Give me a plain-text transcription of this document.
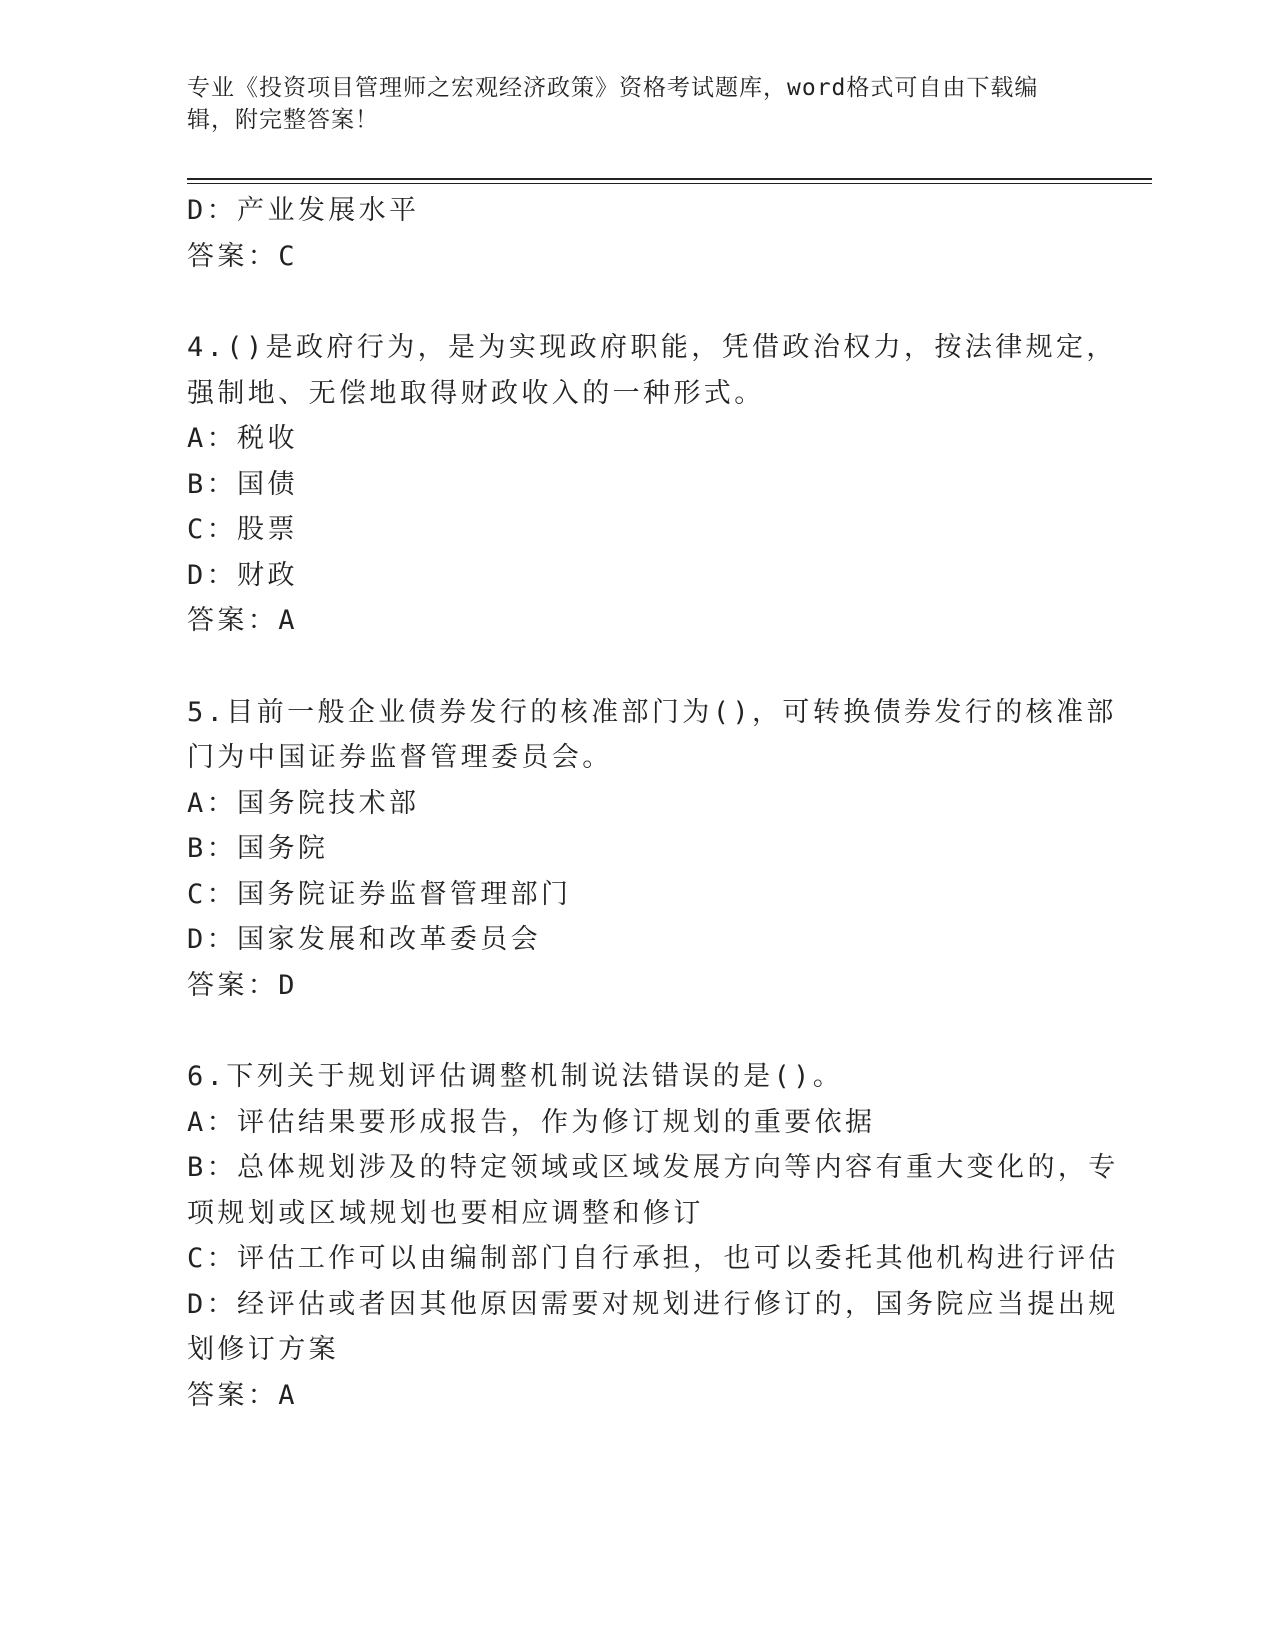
专业《投资项目管理师之宏观经济政策》资格考试题库，word格式可自由下载编
辑，附完整答案！
D：产业发展水平
答案：C
4.()是政府行为，是为实现政府职能，凭借政治权力，按法律规定，
强制地、无偿地取得财政收入的一种形式。
A：税收
B：国债
C：股票
D：财政
答案：A
5.目前一般企业债券发行的核准部门为()，可转换债券发行的核准部
门为中国证券监督管理委员会。
A：国务院技术部
B：国务院
C：国务院证券监督管理部门
D：国家发展和改革委员会
答案：D
6.下列关于规划评估调整机制说法错误的是()。
A：评估结果要形成报告，作为修订规划的重要依据
B：总体规划涉及的特定领域或区域发展方向等内容有重大变化的，专
项规划或区域规划也要相应调整和修订
C：评估工作可以由编制部门自行承担，也可以委托其他机构进行评估
D：经评估或者因其他原因需要对规划进行修订的，国务院应当提出规
划修订方案
答案：A
